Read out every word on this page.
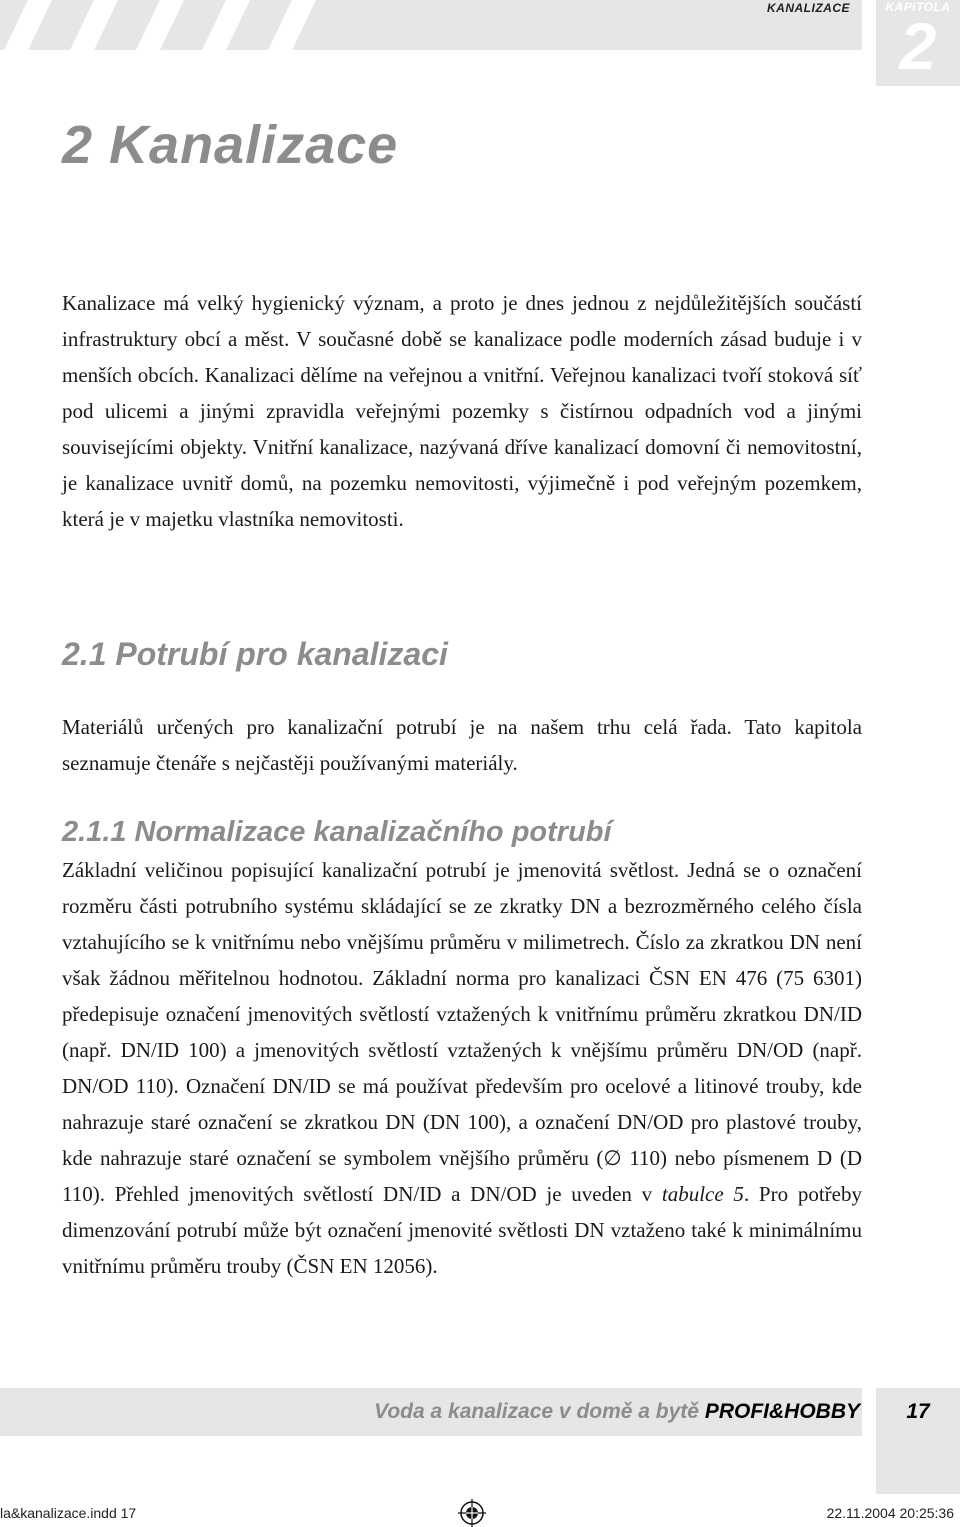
KANALIZACE	KAPITOLA
2
2 Kanalizace

Kanalizace má velký hygienický význam, a proto je dnes jednou z nejdůležitějších součástí infrastruktury obcí a měst. V současné době se kanalizace podle moderních zásad buduje i v menších obcích. Kanalizaci dělíme na veřejnou a vnitřní. Veřejnou kanalizaci tvoří stoková síť pod ulicemi a jinými zpravidla veřejnými pozemky s čistírnou odpadních vod a jinými souvisejícími objekty. Vnitřní kanalizace, nazývaná dříve kanalizací domovní či nemovitostní, je kanalizace uvnitř domů, na pozemku nemovitosti, výjimečně i pod veřejným pozemkem, která je v majetku vlastníka nemovitosti.

2.1 Potrubí pro kanalizaci

Materiálů určených pro kanalizační potrubí je na našem trhu celá řada. Tato kapitola seznamuje čtenáře s nejčastěji používanými materiály.

2.1.1 Normalizace kanalizačního potrubí

Základní veličinou popisující kanalizační potrubí je jmenovitá světlost. Jedná se o označení rozměru části potrubního systému skládající se ze zkratky DN a bezrozměrného celého čísla vztahujícího se k vnitřnímu nebo vnějšímu průměru v milimetrech. Číslo za zkratkou DN není však žádnou měřitelnou hodnotou. Základní norma pro kanalizaci ČSN EN 476 (75 6301) předepisuje označení jmenovitých světlostí vztažených k vnitřnímu průměru zkratkou DN/ID (např. DN/ID 100) a jmenovitých světlostí vztažených k vnějšímu průměru DN/OD (např. DN/OD 110). Označení DN/ID se má používat především pro ocelové a litinové trouby, kde nahrazuje staré označení se zkratkou DN (DN 100), a označení DN/OD pro plastové trouby, kde nahrazuje staré označení se symbolem vnějšího průměru (∅ 110) nebo písmenem D (D 110). Přehled jmenovitých světlostí DN/ID a DN/OD je uveden v tabulce 5. Pro potřeby dimenzování potrubí může být označení jmenovité světlosti DN vztaženo také k minimálnímu vnitřnímu průměru trouby (ČSN EN 12056).

Voda a kanalizace v domě a bytě PROFI&HOBBY	17
la&kanalizace.indd 17	22.11.2004 20:25:36
